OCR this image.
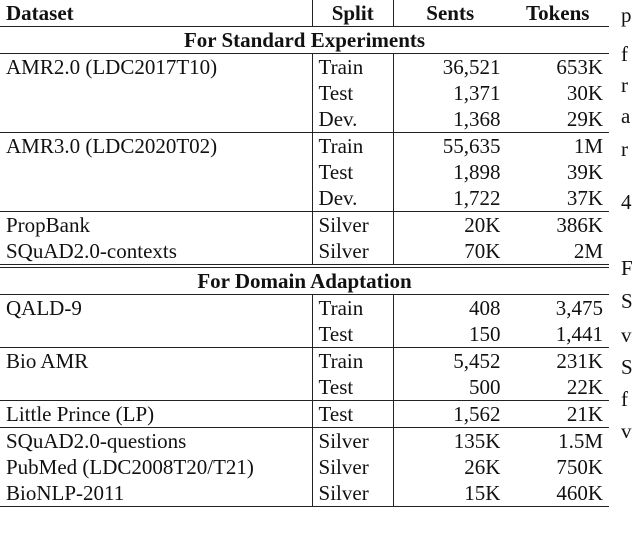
Dataset	Split	Sents	Tokens
For Standard Experiments			
AMR2.0 (LDC2017T10)	Train	36,521	653K
	Test	1,371	30K
	Dev.	1,368	29K
AMR3.0 (LDC2020T02)	Train	55,635	1M
	Test	1,898	39K
	Dev.	1,722	37K
PropBank	Silver	20K	386K
SQuAD2.0-contexts	Silver	70K	2M
For Domain Adaptation			
QALD-9	Train	408	3,475
	Test	150	1,441
Bio AMR	Train	5,452	231K
	Test	500	22K
Little Prince (LP)	Test	1,562	21K
SQuAD2.0-questions	Silver	135K	1.5M
PubMed (LDC2008T20/T21)	Silver	26K	750K
BioNLP-2011	Silver	15K	460K
p
f
r
a
r
4
F
S
v
S
f
v
